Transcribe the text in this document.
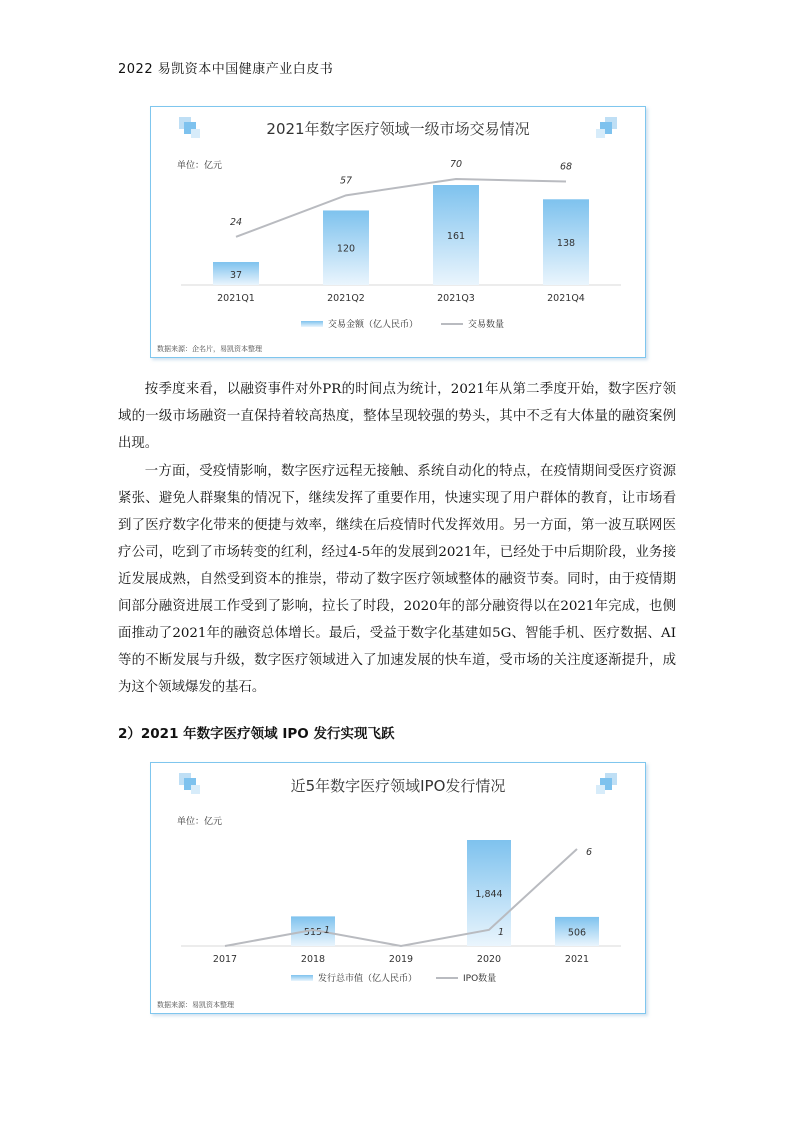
2022 易凯资本中国健康产业白皮书
2021年数字医疗领域一级市场交易情况
单位：亿元
37
2021Q1
120
2021Q2
161
2021Q3
138
2021Q4
24
57
70	68
交易金额（亿人民币）	交易数量
数据来源：企名片，易凯资本整理

按季度来看，以融资事件对外PR的时间点为统计，2021年从第二季度开始，数字医疗领域的一级市场融资一直保持着较高热度，整体呈现较强的势头，其中不乏有大体量的融资案例出现。

一方面，受疫情影响，数字医疗远程无接触、系统自动化的特点，在疫情期间受医疗资源紧张、避免人群聚集的情况下，继续发挥了重要作用，快速实现了用户群体的教育，让市场看到了医疗数字化带来的便捷与效率，继续在后疫情时代发挥效用。另一方面，第一波互联网医疗公司，吃到了市场转变的红利，经过4-5年的发展到2021年，已经处于中后期阶段，业务接近发展成熟，自然受到资本的推崇，带动了数字医疗领域整体的融资节奏。同时，由于疫情期间部分融资进展工作受到了影响，拉长了时段，2020年的部分融资得以在2021年完成，也侧面推动了2021年的融资总体增长。最后，受益于数字化基建如5G、智能手机、医疗数据、AI等的不断发展与升级，数字医疗领域进入了加速发展的快车道，受市场的关注度逐渐提升，成为这个领域爆发的基石。

2）2021 年数字医疗领域 IPO 发行实现飞跃
近5年数字医疗领域IPO发行情况
单位：亿元
2017
515
2018	2019
1,844
2020
506
2021
1	1
6
发行总市值（亿人民币）	IPO数量
数据来源：易凯资本整理
